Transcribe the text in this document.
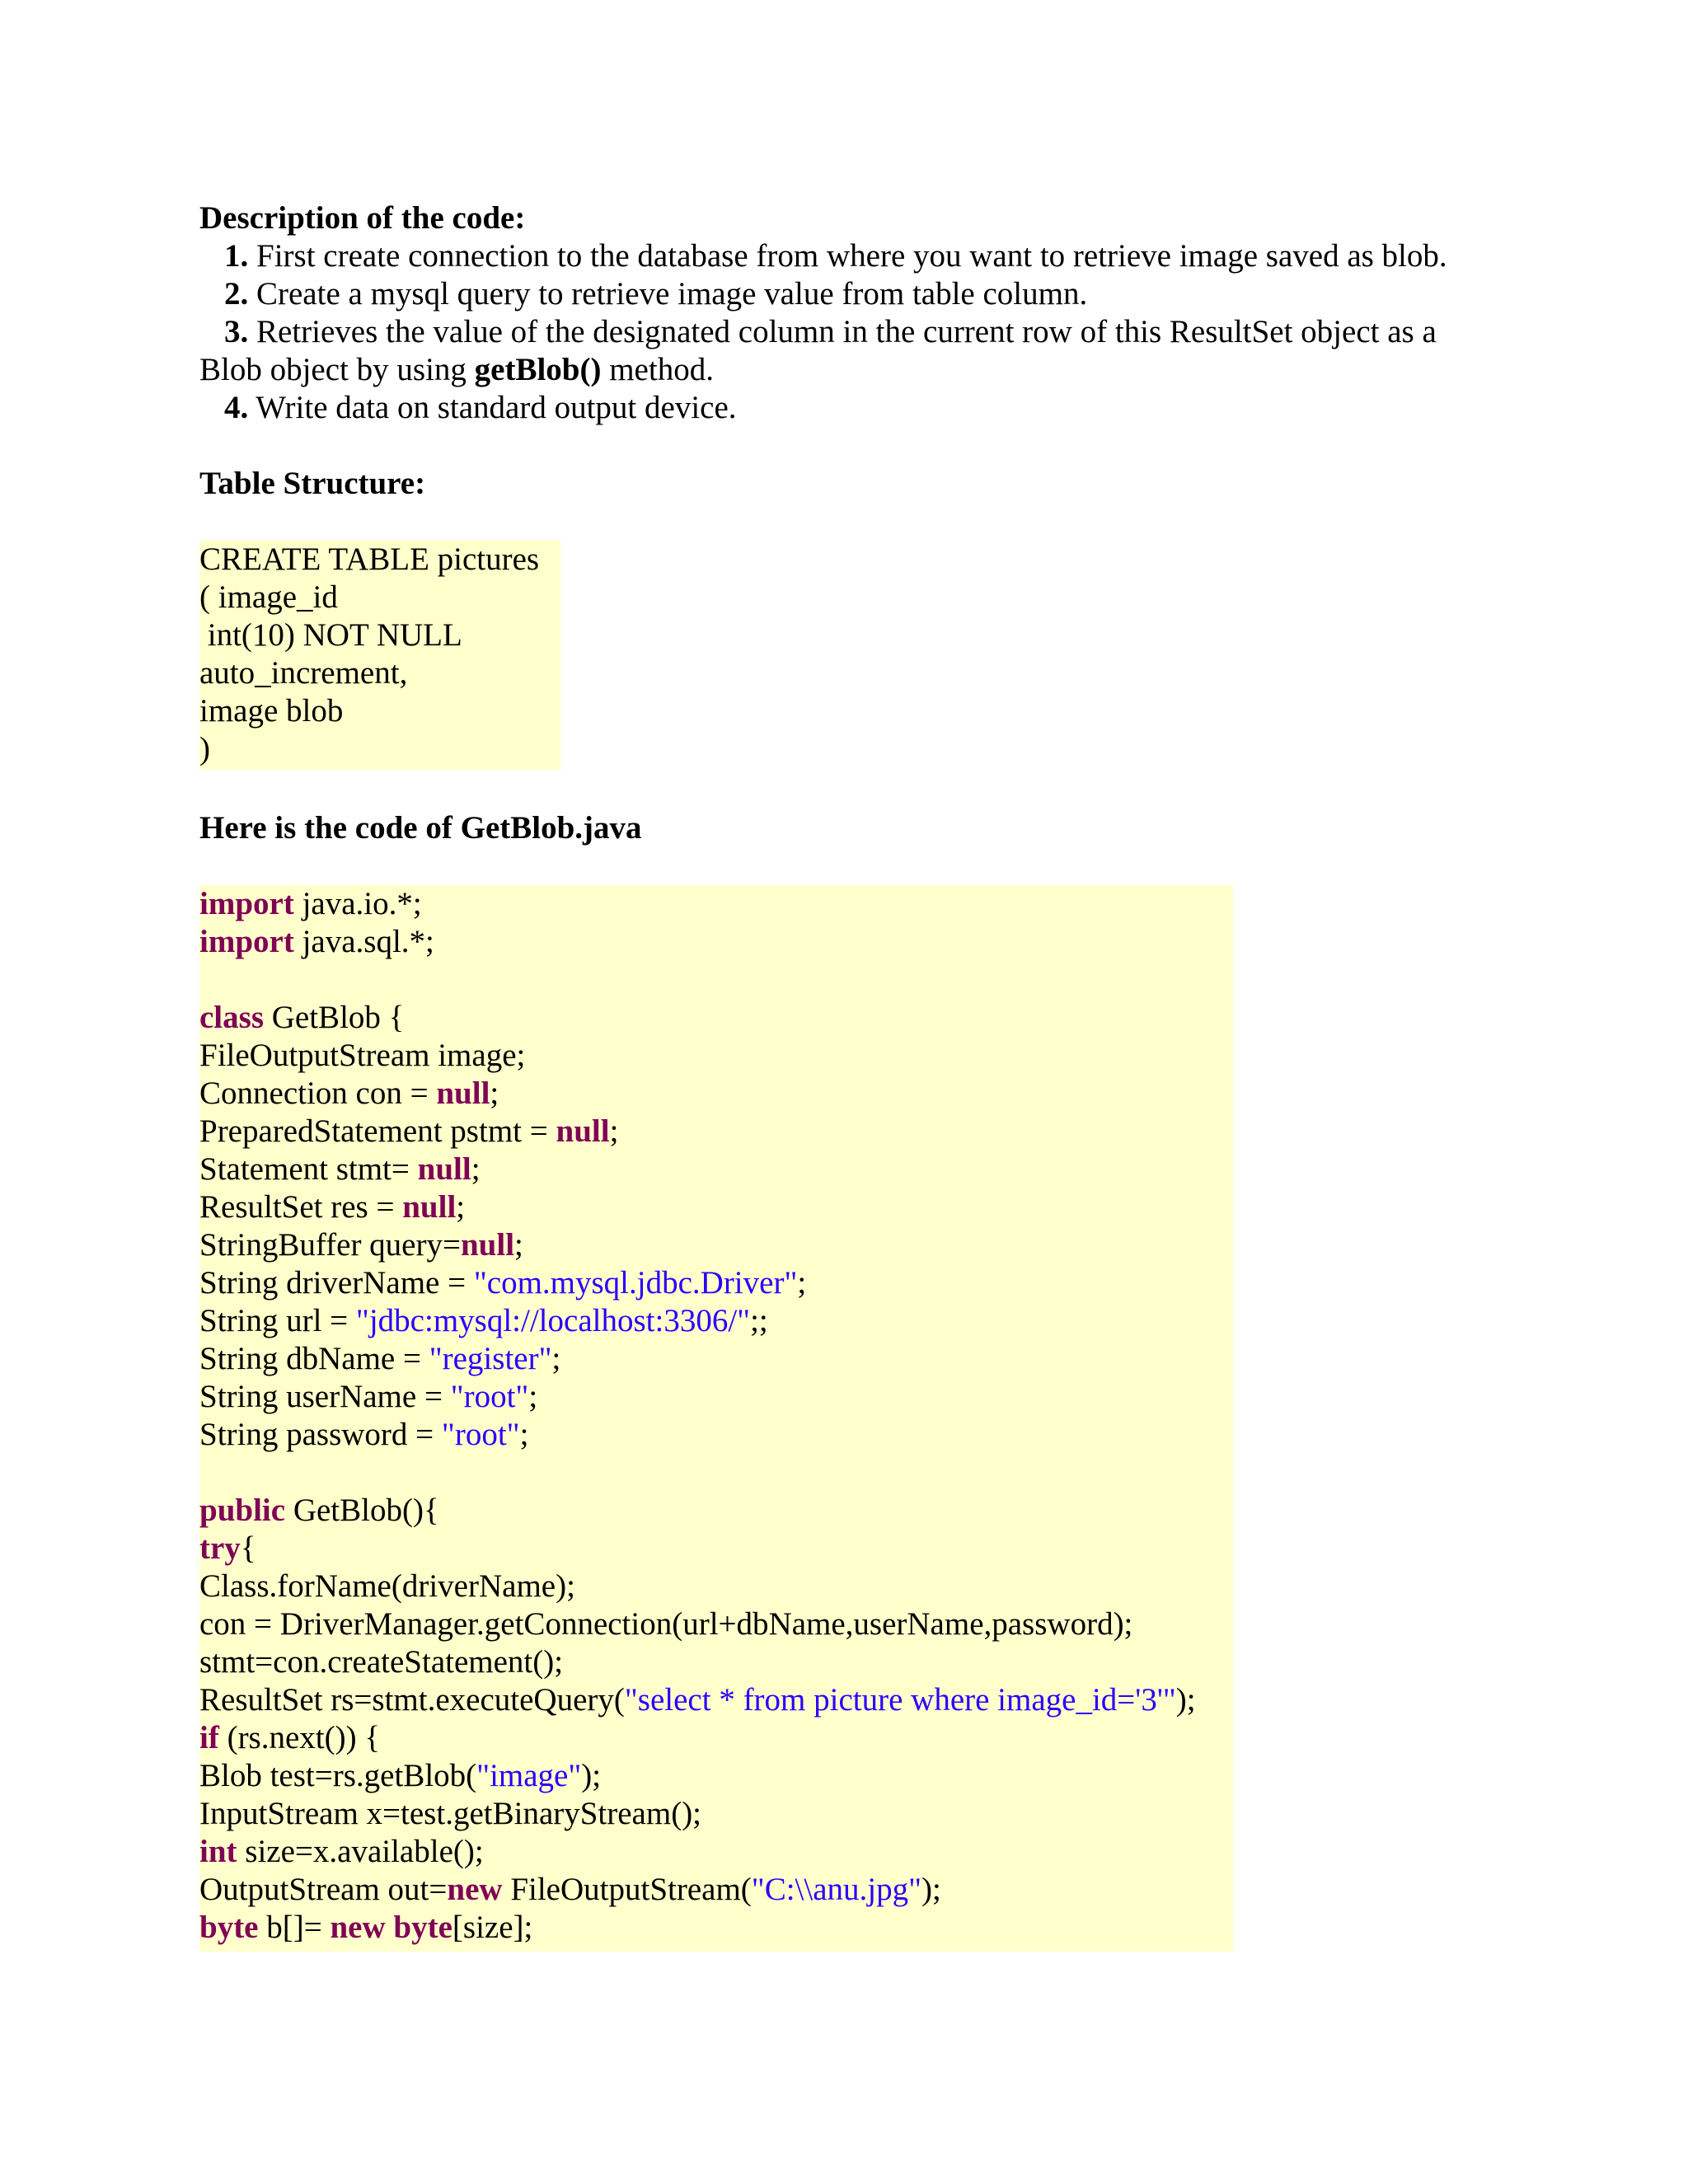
Description of the code:
1. First create connection to the database from where you want to retrieve image saved as blob.
2. Create a mysql query to retrieve image value from table column.
3. Retrieves the value of the designated column in the current row of this ResultSet object as a
Blob object by using getBlob() method.
4. Write data on standard output device.
Table Structure:
CREATE TABLE pictures
( image_id
int(10) NOT NULL
auto_increment,
image blob
)
Here is the code of GetBlob.java
import java.io.*;
import java.sql.*;
class GetBlob {
FileOutputStream image;
Connection con = null;
PreparedStatement pstmt = null;
Statement stmt= null;
ResultSet res = null;
StringBuffer query=null;
String driverName = "com.mysql.jdbc.Driver";
String url = "jdbc:mysql://localhost:3306/";;
String dbName = "register";
String userName = "root";
String password = "root";
public GetBlob(){
try{
Class.forName(driverName);
con = DriverManager.getConnection(url+dbName,userName,password);
stmt=con.createStatement();
ResultSet rs=stmt.executeQuery("select * from picture where image_id='3'");
if (rs.next()) {
Blob test=rs.getBlob("image");
InputStream x=test.getBinaryStream();
int size=x.available();
OutputStream out=new FileOutputStream("C:\\anu.jpg");
byte b[]= new byte[size];
